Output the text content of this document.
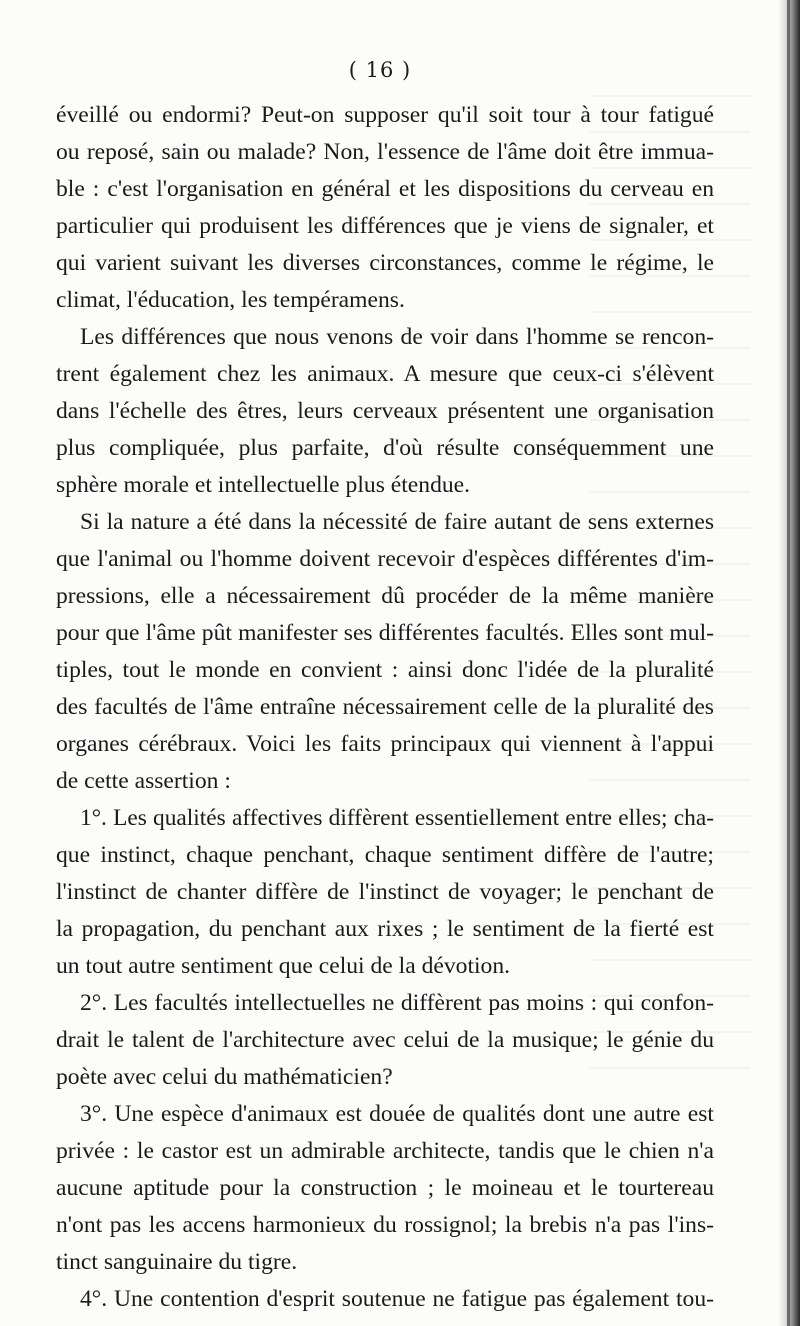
( 16 )
éveillé ou endormi? Peut-on supposer qu'il soit tour à tour fatigué
ou reposé, sain ou malade? Non, l'essence de l'âme doit être immua-
ble : c'est l'organisation en général et les dispositions du cerveau en
particulier qui produisent les différences que je viens de signaler, et
qui varient suivant les diverses circonstances, comme le régime, le
climat, l'éducation, les tempéramens.
Les différences que nous venons de voir dans l'homme se rencon-
trent également chez les animaux. A mesure que ceux-ci s'élèvent
dans l'échelle des êtres, leurs cerveaux présentent une organisation
plus compliquée, plus parfaite, d'où résulte conséquemment une
sphère morale et intellectuelle plus étendue.
Si la nature a été dans la nécessité de faire autant de sens externes
que l'animal ou l'homme doivent recevoir d'espèces différentes d'im-
pressions, elle a nécessairement dû procéder de la même manière
pour que l'âme pût manifester ses différentes facultés. Elles sont mul-
tiples, tout le monde en convient : ainsi donc l'idée de la pluralité
des facultés de l'âme entraîne nécessairement celle de la pluralité des
organes cérébraux. Voici les faits principaux qui viennent à l'appui
de cette assertion :
1°. Les qualités affectives diffèrent essentiellement entre elles; cha-
que instinct, chaque penchant, chaque sentiment diffère de l'autre;
l'instinct de chanter diffère de l'instinct de voyager; le penchant de
la propagation, du penchant aux rixes ; le sentiment de la fierté est
un tout autre sentiment que celui de la dévotion.
2°. Les facultés intellectuelles ne diffèrent pas moins : qui confon-
drait le talent de l'architecture avec celui de la musique; le génie du
poète avec celui du mathématicien?
3°. Une espèce d'animaux est douée de qualités dont une autre est
privée : le castor est un admirable architecte, tandis que le chien n'a
aucune aptitude pour la construction ; le moineau et le tourtereau
n'ont pas les accens harmonieux du rossignol; la brebis n'a pas l'ins-
tinct sanguinaire du tigre.
4°. Une contention d'esprit soutenue ne fatigue pas également tou-
